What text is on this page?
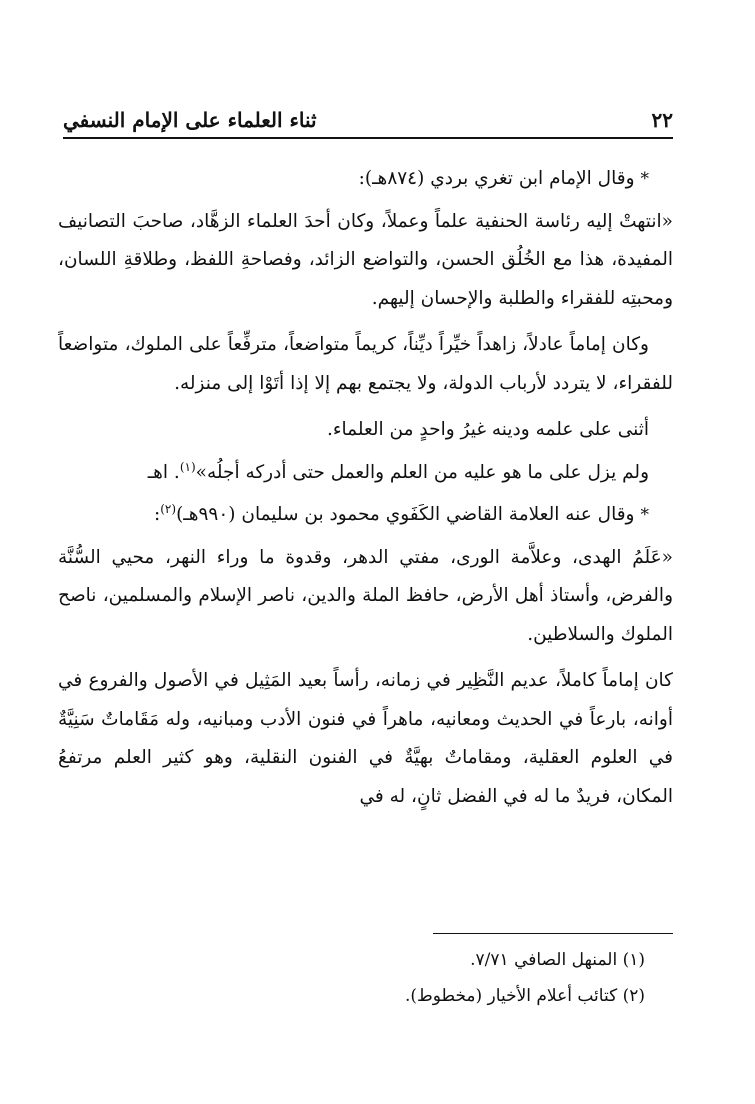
٢٢
ثناء العلماء على الإمام النسفي

*وقال الإمام ابن تغري بردي (٨٧٤هـ):

«انتهتْ إليه رئاسة الحنفية علماً وعملاً، وكان أحدَ العلماء الزهَّاد، صاحبَ التصانيف المفيدة، هذا مع الخُلُق الحسن، والتواضع الزائد، وفصاحةِ اللفظ، وطلاقةِ اللسان، ومحبتِه للفقراء والطلبة والإحسان إليهم.

وكان إماماً عادلاً، زاهداً خيِّراً ديِّناً، كريماً متواضعاً، مترفِّعاً على الملوك، متواضعاً للفقراء، لا يتردد لأرباب الدولة، ولا يجتمع بهم إلا إذا أتَوْا إلى منزله.

أثنى على علمه ودينه غيرُ واحدٍ من العلماء.

ولم يزل على ما هو عليه من العلم والعمل حتى أدركه أجلُه»$^{(١)}$. اهـ

*وقال عنه العلامة القاضي الكَفَوي محمود بن سليمان (٩٩٠هـ)$^{(٢)}$:

«عَلَمُ الهدى، وعلاَّمة الورى، مفتي الدهر، وقدوة ما وراء النهر، محيي السُّنَّة والفرض، وأستاذ أهل الأرض، حافظ الملة والدين، ناصر الإسلام والمسلمين، ناصح الملوك والسلاطين.

كان إماماً كاملاً، عديم النَّظِير في زمانه، رأساً بعيد المَثِيل في الأصول والفروع في أوانه، بارعاً في الحديث ومعانيه، ماهراً في فنون الأدب ومبانيه، وله مَقَاماتٌ سَنِيَّةٌ في العلوم العقلية، ومقاماتٌ بهيَّةٌ في الفنون النقلية، وهو كثير العلم مرتفعُ المكان، فريدٌ ما له في الفضل ثانٍ، له في

(١) المنهل الصافي ٧/٧١.
(٢) كتائب أعلام الأخيار (مخطوط).
